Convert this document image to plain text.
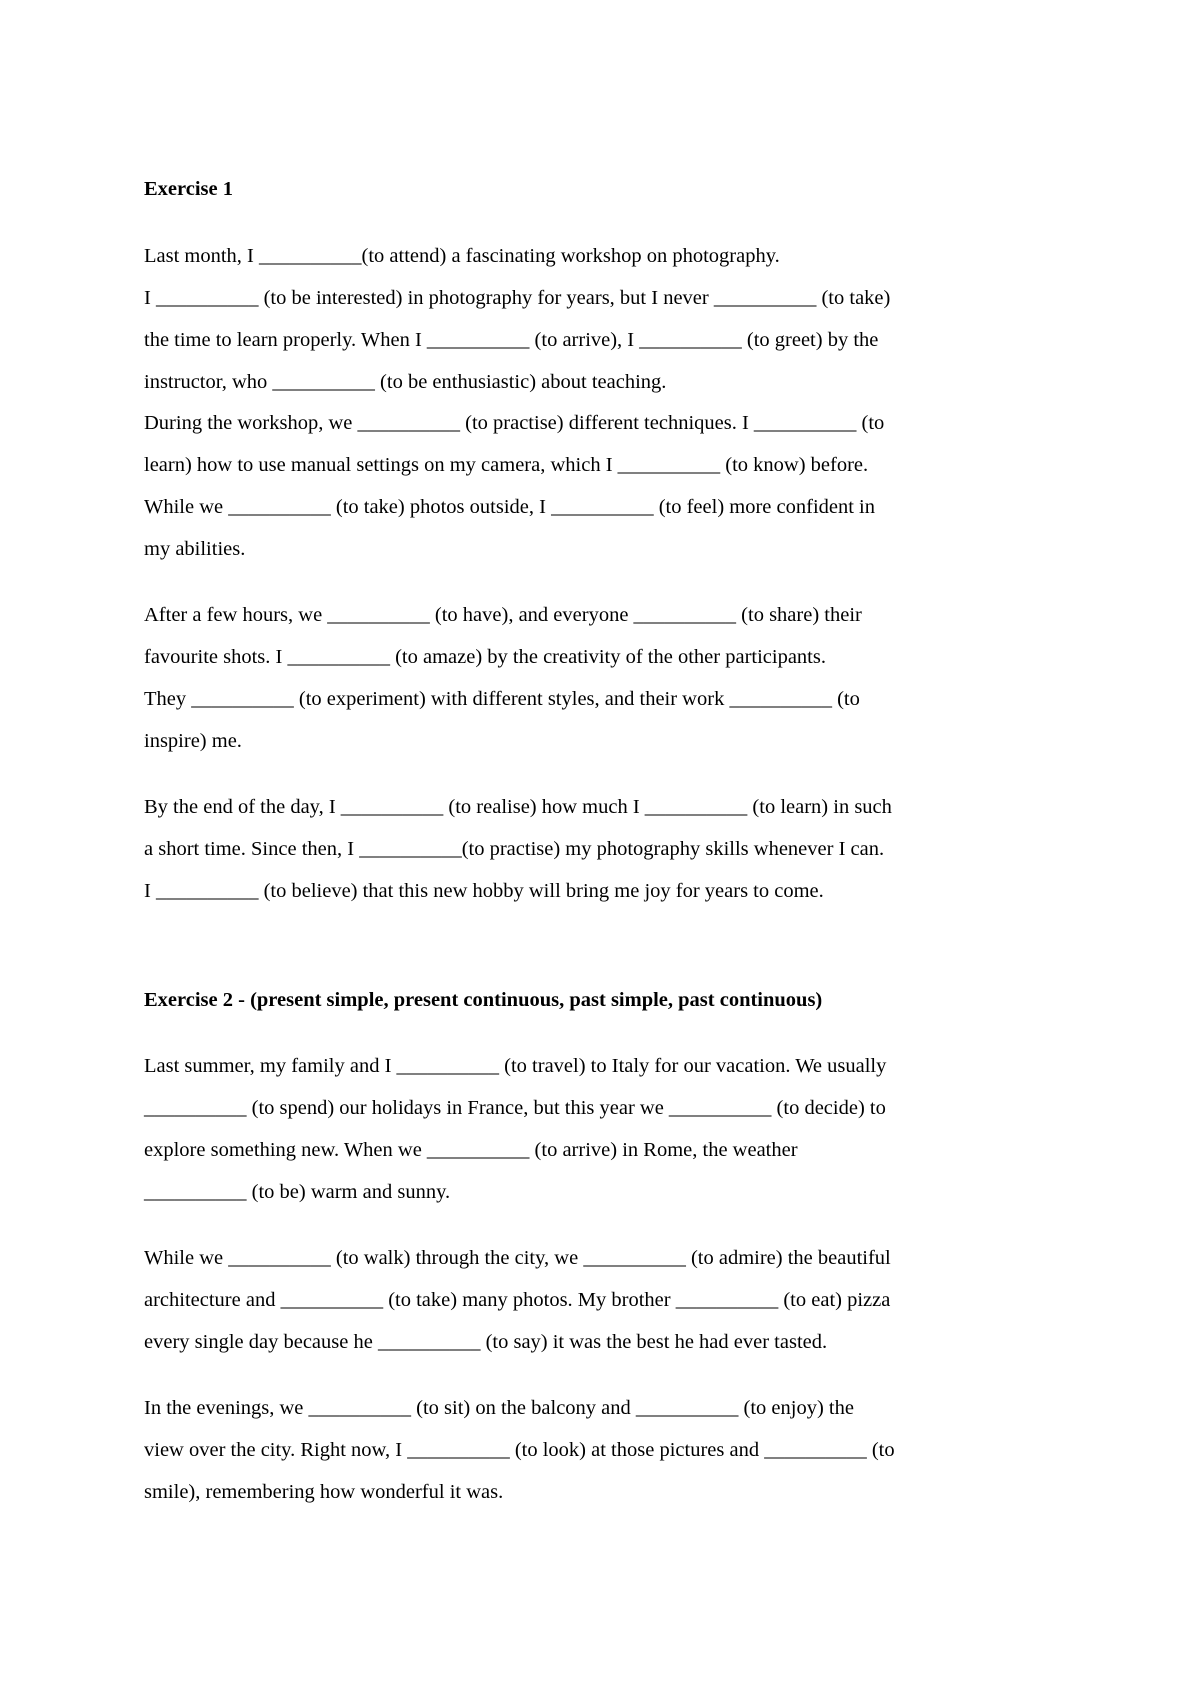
Exercise 1

Last month, I __________(to attend) a fascinating workshop on photography.
I __________ (to be interested) in photography for years, but I never __________ (to take)
the time to learn properly. When I __________ (to arrive), I __________ (to greet) by the
instructor, who __________ (to be enthusiastic) about teaching.

During the workshop, we __________ (to practise) different techniques. I __________ (to
learn) how to use manual settings on my camera, which I __________ (to know) before.
While we __________ (to take) photos outside, I __________ (to feel) more confident in
my abilities.

After a few hours, we __________ (to have), and everyone __________ (to share) their
favourite shots. I __________ (to amaze) by the creativity of the other participants.
They __________ (to experiment) with different styles, and their work __________ (to
inspire) me.

By the end of the day, I __________ (to realise) how much I __________ (to learn) in such
a short time. Since then, I __________(to practise) my photography skills whenever I can.
I __________ (to believe) that this new hobby will bring me joy for years to come.

Exercise 2 - (present simple, present continuous, past simple, past continuous)

Last summer, my family and I __________ (to travel) to Italy for our vacation. We usually
__________ (to spend) our holidays in France, but this year we __________ (to decide) to
explore something new. When we __________ (to arrive) in Rome, the weather
__________ (to be) warm and sunny.

While we __________ (to walk) through the city, we __________ (to admire) the beautiful
architecture and __________ (to take) many photos. My brother __________ (to eat) pizza
every single day because he __________ (to say) it was the best he had ever tasted.

In the evenings, we __________ (to sit) on the balcony and __________ (to enjoy) the
view over the city. Right now, I __________ (to look) at those pictures and __________ (to
smile), remembering how wonderful it was.
